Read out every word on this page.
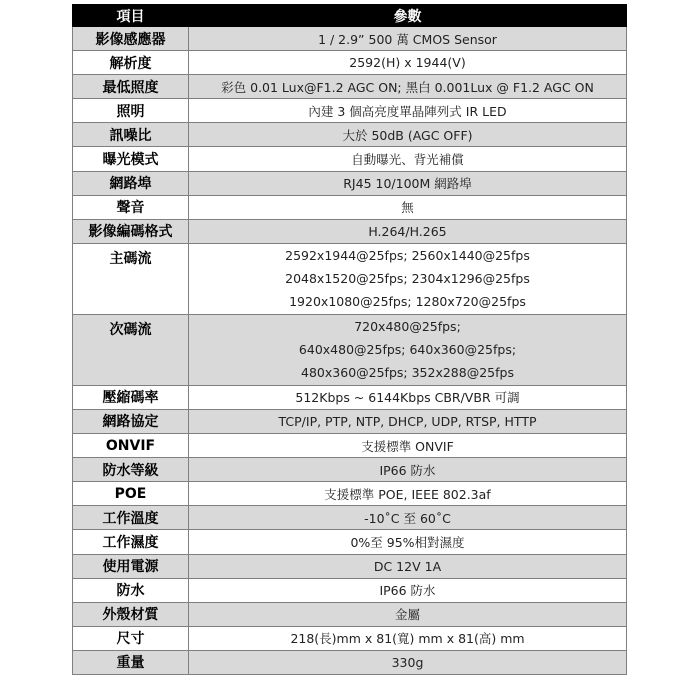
項目	參數
影像感應器	1 / 2.9” 500 萬 CMOS Sensor
解析度	2592(H) x 1944(V)
最低照度	彩色 0.01 Lux@F1.2 AGC ON; 黑白 0.001Lux @ F1.2 AGC ON
照明	內建 3 個高亮度單晶陣列式 IR LED
訊噪比	大於 50dB (AGC OFF)
曝光模式	自動曝光、背光補償
網路埠	RJ45 10/100M 網路埠
聲音	無
影像編碼格式	H.264/H.265
主碼流	2592x1944@25fps; 2560x1440@25fps
2048x1520@25fps; 2304x1296@25fps
1920x1080@25fps; 1280x720@25fps

次碼流	720x480@25fps;
640x480@25fps; 640x360@25fps;
480x360@25fps; 352x288@25fps

壓縮碼率	512Kbps ~ 6144Kbps CBR/VBR 可調
網路協定	TCP/IP, PTP, NTP, DHCP, UDP, RTSP, HTTP
ONVIF	支援標準 ONVIF
防水等級	IP66 防水
POE	支援標準 POE, IEEE 802.3af
工作溫度	-10˚C 至 60˚C
工作濕度	0%至 95%相對濕度
使用電源	DC 12V 1A
防水	IP66 防水
外殼材質	金屬
尺寸	218(長)mm x 81(寬) mm x 81(高) mm
重量	330g
